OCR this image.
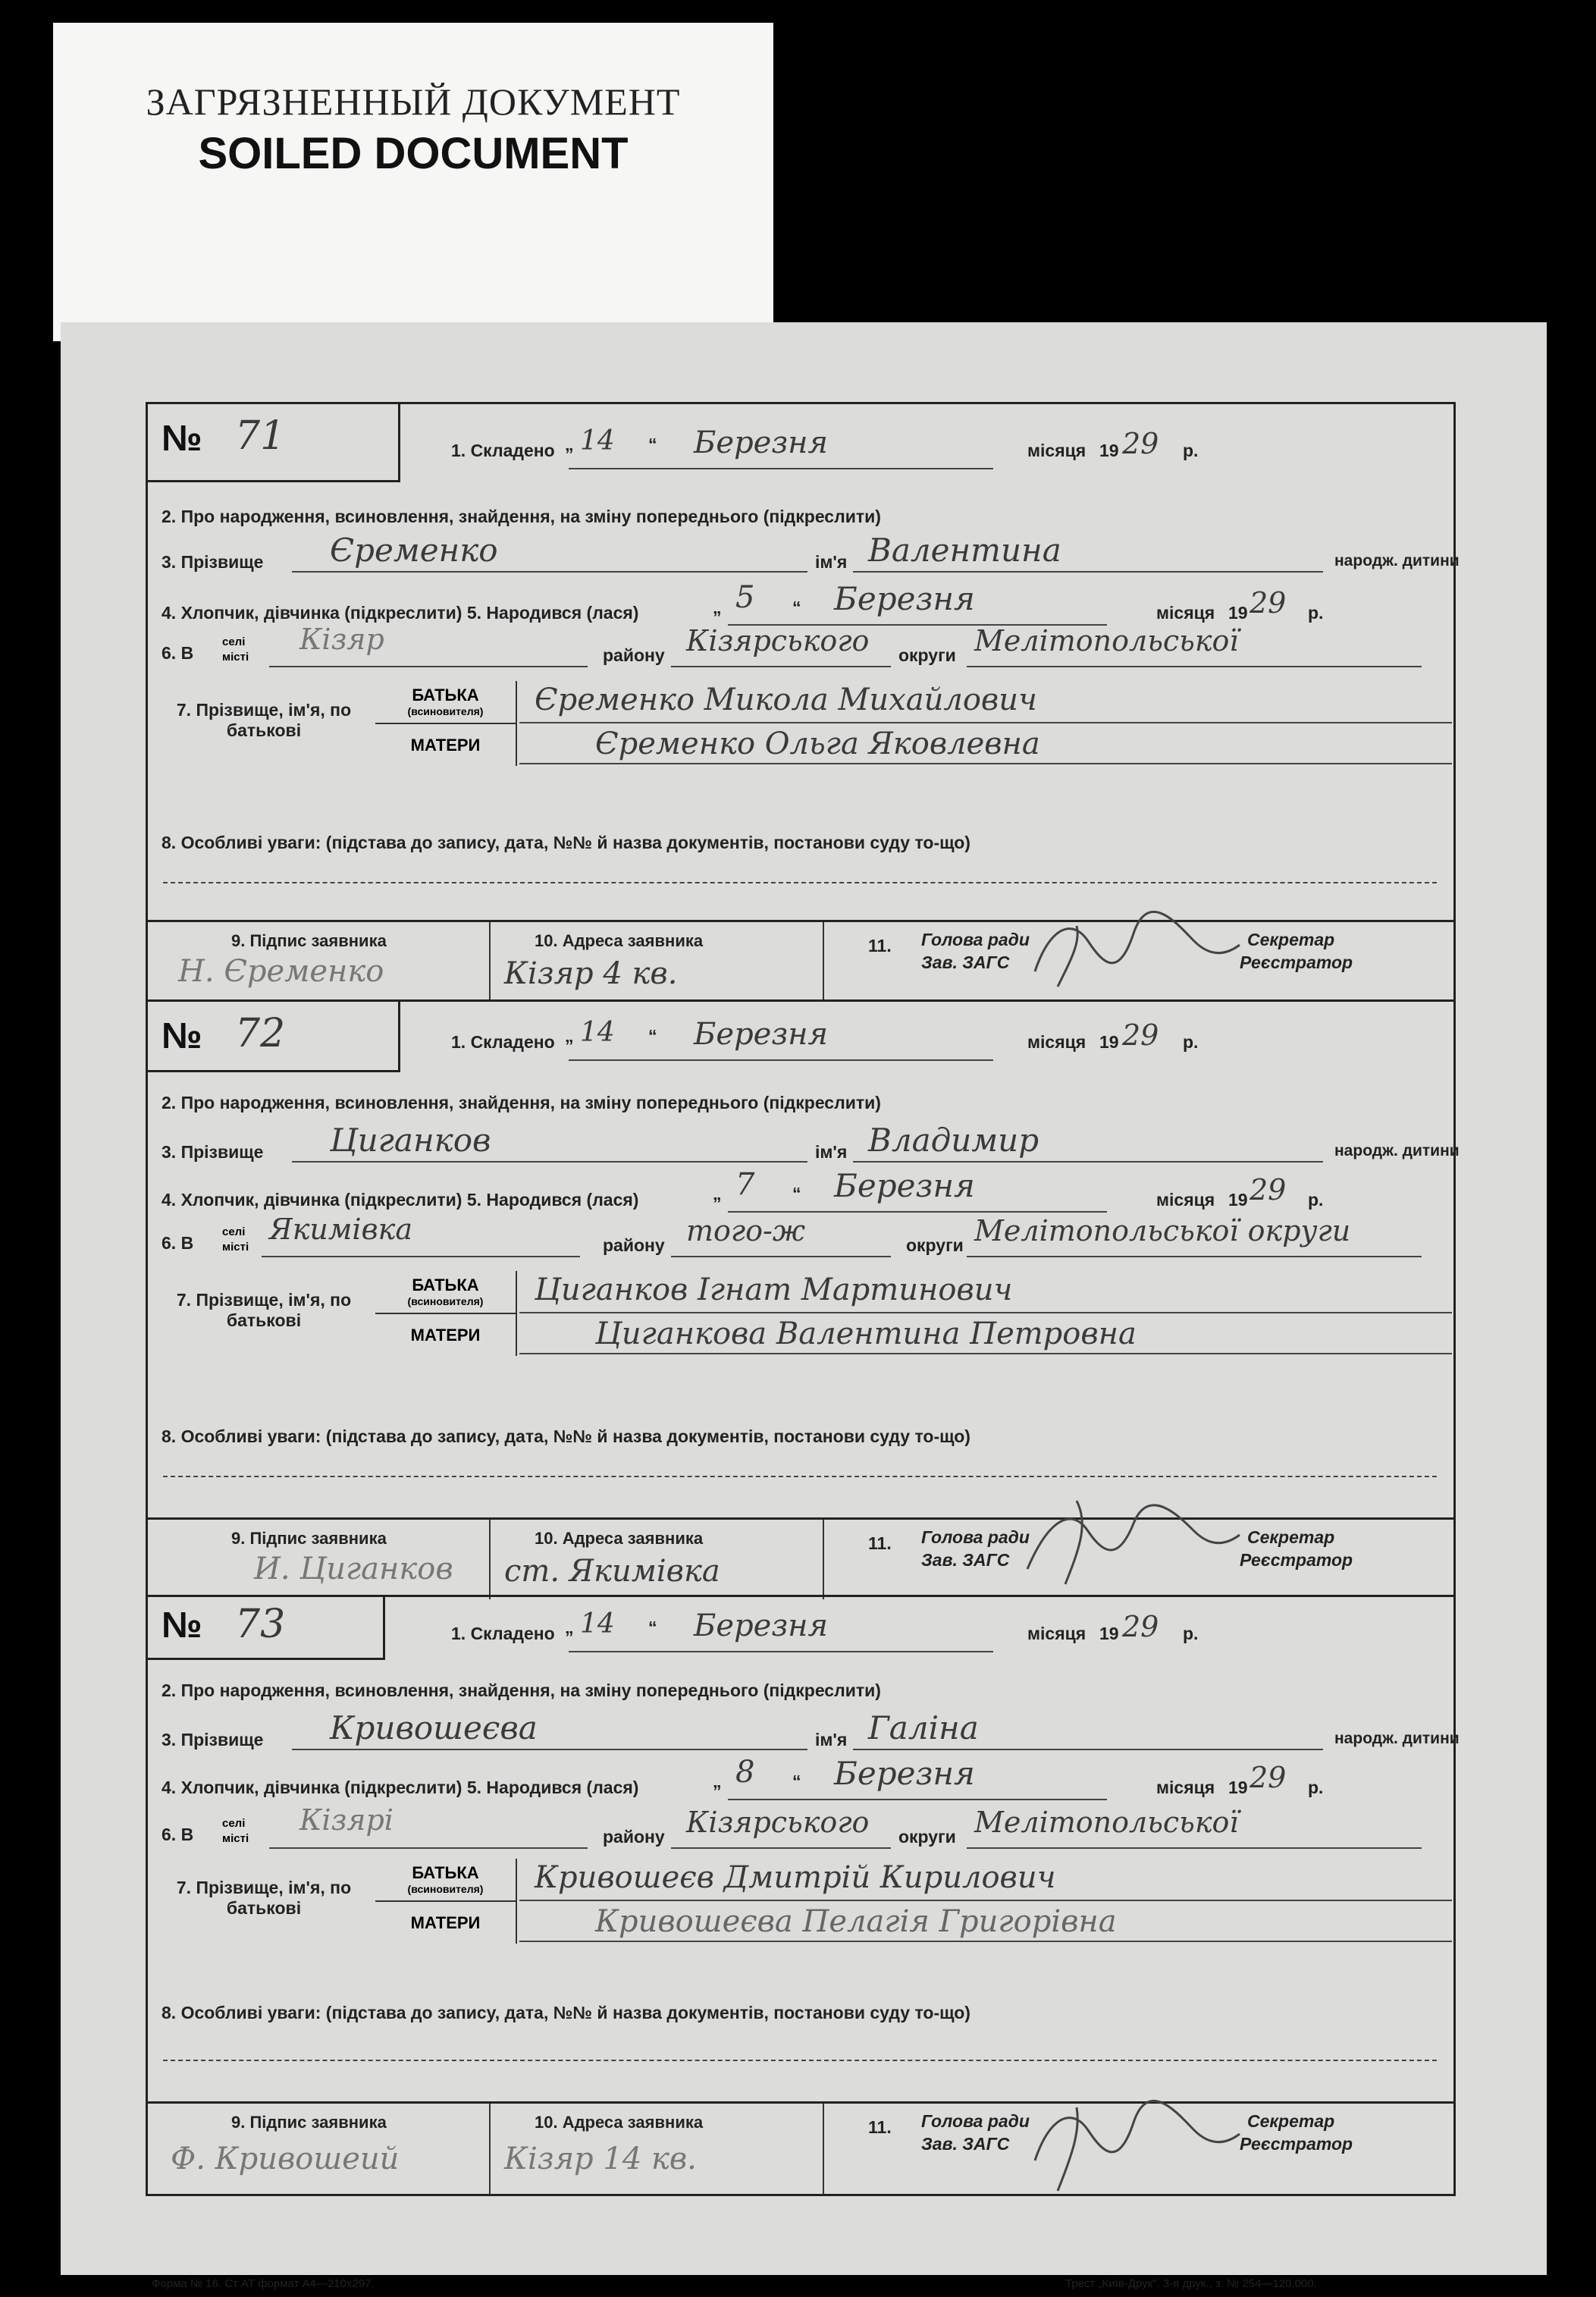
ЗАГРЯЗНЕННЫЙ ДОКУМЕНТ
SOILED DOCUMENT
№ 71	1. Складено „ 14 “ Березня	місяця 19 29 р.
2. Про народження, всиновлення, знайдення, на зміну попереднього (підкреслити)
3. Прізвище Єременко	ім'я Валентина	народж. дитини
4. Хлопчик, дівчинка (підкреслити) 5. Народився (лася)	„ 5 “ Березня	місяця 19 29 р.
6. В
селі
місті
Кізяр	району Кізярського округи Мелітопольської
БАТЬКА
(всиновителя)
МАТЕРИ
Єременко Микола Михайлович
Єременко Ольга Яковлевна
7. Прізвище, ім'я, по батькові
8. Особливі уваги: (підстава до запису, дата, №№ й назва документів, постанови суду то-що)
9. Підпис заявника
Н. Єременко
10. Адреса заявника
Кізяр 4 кв.
11. Голова ради
Зав. ЗАГС
Секретар
Реєстратор
№ 72	1. Складено „ 14 “ Березня	місяця 19 29 р.
2. Про народження, всиновлення, знайдення, на зміну попереднього (підкреслити)
3. Прізвище Циганков	ім'я Владимир	народж. дитини
4. Хлопчик, дівчинка (підкреслити) 5. Народився (лася)	„ 7 “ Березня	місяця 19 29 р.
6. В
селі
місті
Якимівка	району того-ж	округи Мелітопольської округи
БАТЬКА
(всиновителя)
МАТЕРИ
Циганков Ігнат Мартинович
Циганкова Валентина Петровна
7. Прізвище, ім'я, по батькові
8. Особливі уваги: (підстава до запису, дата, №№ й назва документів, постанови суду то-що)
9. Підпис заявника
И. Циганков
10. Адреса заявника
ст. Якимівка
11. Голова ради
Зав. ЗАГС
Секретар
Реєстратор
№ 73	1. Складено „ 14 “ Березня	місяця 19 29 р.
2. Про народження, всиновлення, знайдення, на зміну попереднього (підкреслити)
3. Прізвище Кривошеєва	ім'я Галіна	народж. дитини
4. Хлопчик, дівчинка (підкреслити) 5. Народився (лася)	„ 8 “ Березня	місяця 19 29 р.
6. В
селі
місті
Кізярі	району Кізярського округи Мелітопольської
БАТЬКА
(всиновителя)
МАТЕРИ
Кривошеєв Дмитрій Кирилович
Кривошеєва Пелагія Григорівна
7. Прізвище, ім'я, по батькові
8. Особливі уваги: (підстава до запису, дата, №№ й назва документів, постанови суду то-що)
9. Підпис заявника
Ф. Кривошеий
10. Адреса заявника
Кізяр 14 кв.
11. Голова ради
Зав. ЗАГС
Секретар
Реєстратор
Форма № 16. Ст АТ формат А4—210x297.	Трест „Київ-Друк". 3-я друк., з. № 254—120.000.
